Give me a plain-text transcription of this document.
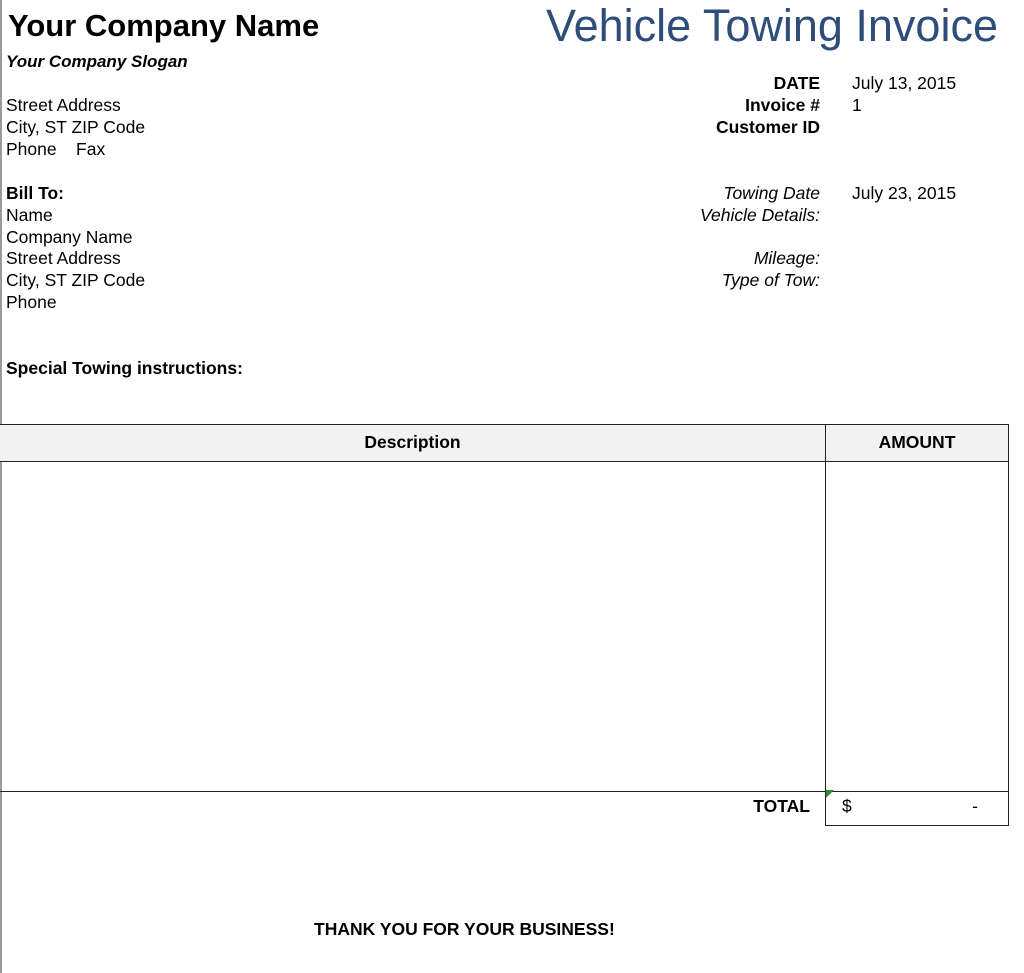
Your Company Name
Your Company Slogan
Vehicle Towing Invoice
Street Address
City, ST ZIP Code
Phone    Fax
DATE July 13, 2015
Invoice # 1
Customer ID
Bill To:
Name
Company Name
Street Address
City, ST ZIP Code
Phone
Towing Date July 23, 2015
Vehicle Details:
Mileage:
Type of Tow:
Special Towing instructions:
Description	AMOUNT
TOTAL $	-
THANK YOU FOR YOUR BUSINESS!
